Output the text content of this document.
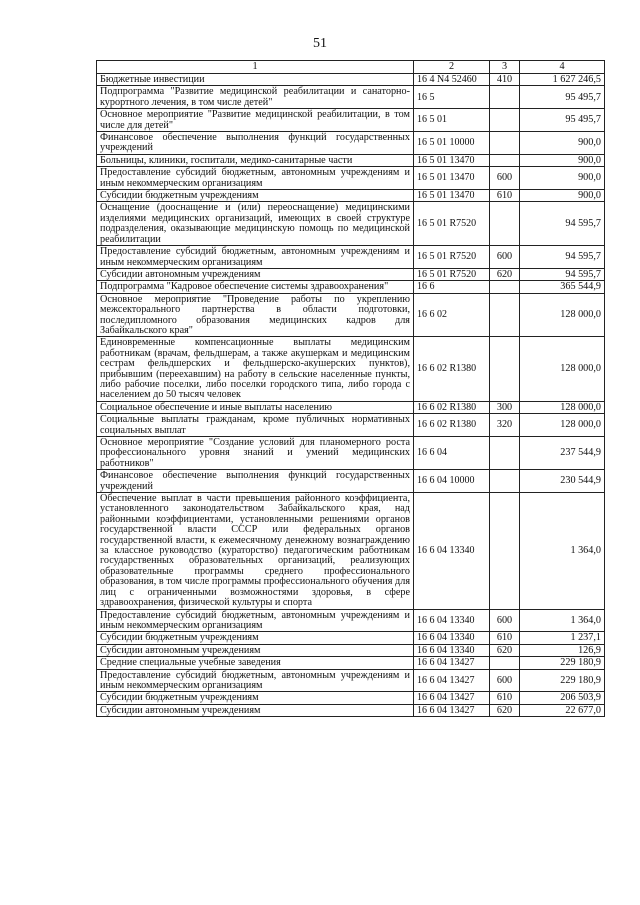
51
1	2	3	4
Бюджетные инвестиции	16 4 N4 52460	410	1 627 246,5
Подпрограмма "Развитие медицинской реабилитации и санаторно-курортного лечения, в том числе детей"	16 5		95 495,7
Основное мероприятие "Развитие медицинской реабилитации, в том числе для детей"	16 5 01		95 495,7
Финансовое обеспечение выполнения функций государственных учреждений	16 5 01 10000		900,0
Больницы, клиники, госпитали, медико-санитарные части	16 5 01 13470		900,0
Предоставление субсидий бюджетным, автономным учреждениям и иным некоммерческим организациям	16 5 01 13470	600	900,0
Субсидии бюджетным учреждениям	16 5 01 13470	610	900,0
Оснащение (дооснащение и (или) переоснащение) медицинскими изделиями медицинских организаций, имеющих в своей структуре подразделения, оказывающие медицинскую помощь по медицинской реабилитации	16 5 01 R7520		94 595,7
Предоставление субсидий бюджетным, автономным учреждениям и иным некоммерческим организациям	16 5 01 R7520	600	94 595,7
Субсидии автономным учреждениям	16 5 01 R7520	620	94 595,7
Подпрограмма "Кадровое обеспечение системы здравоохранения"	16 6		365 544,9
Основное мероприятие "Проведение работы по укреплению межсекторального партнерства в области подготовки, последипломного образования медицинских кадров для Забайкальского края"	16 6 02		128 000,0
Единовременные компенсационные выплаты медицинским работникам (врачам, фельдшерам, а также акушеркам и медицинским сестрам фельдшерских и фельдшерско-акушерских пунктов), прибывшим (переехавшим) на работу в сельские населенные пункты, либо рабочие поселки, либо поселки городского типа, либо города с населением до 50 тысяч человек	16 6 02 R1380		128 000,0
Социальное обеспечение и иные выплаты населению	16 6 02 R1380	300	128 000,0
Социальные выплаты гражданам, кроме публичных нормативных социальных выплат	16 6 02 R1380	320	128 000,0
Основное мероприятие "Создание условий для планомерного роста профессионального уровня знаний и умений медицинских работников"	16 6 04		237 544,9
Финансовое обеспечение выполнения функций государственных учреждений	16 6 04 10000		230 544,9
Обеспечение выплат в части превышения районного коэффициента, установленного законодательством Забайкальского края, над районными коэффициентами, установленными решениями органов государственной власти СССР или федеральных органов государственной власти, к ежемесячному денежному вознаграждению за классное руководство (кураторство) педагогическим работникам государственных образовательных организаций, реализующих образовательные программы среднего профессионального образования, в том числе программы профессионального обучения для лиц с ограниченными возможностями здоровья, в сфере здравоохранения, физической культуры и спорта	16 6 04 13340		1 364,0
Предоставление субсидий бюджетным, автономным учреждениям и иным некоммерческим организациям	16 6 04 13340	600	1 364,0
Субсидии бюджетным учреждениям	16 6 04 13340	610	1 237,1
Субсидии автономным учреждениям	16 6 04 13340	620	126,9
Средние специальные учебные заведения	16 6 04 13427		229 180,9
Предоставление субсидий бюджетным, автономным учреждениям и иным некоммерческим организациям	16 6 04 13427	600	229 180,9
Субсидии бюджетным учреждениям	16 6 04 13427	610	206 503,9
Субсидии автономным учреждениям	16 6 04 13427	620	22 677,0
